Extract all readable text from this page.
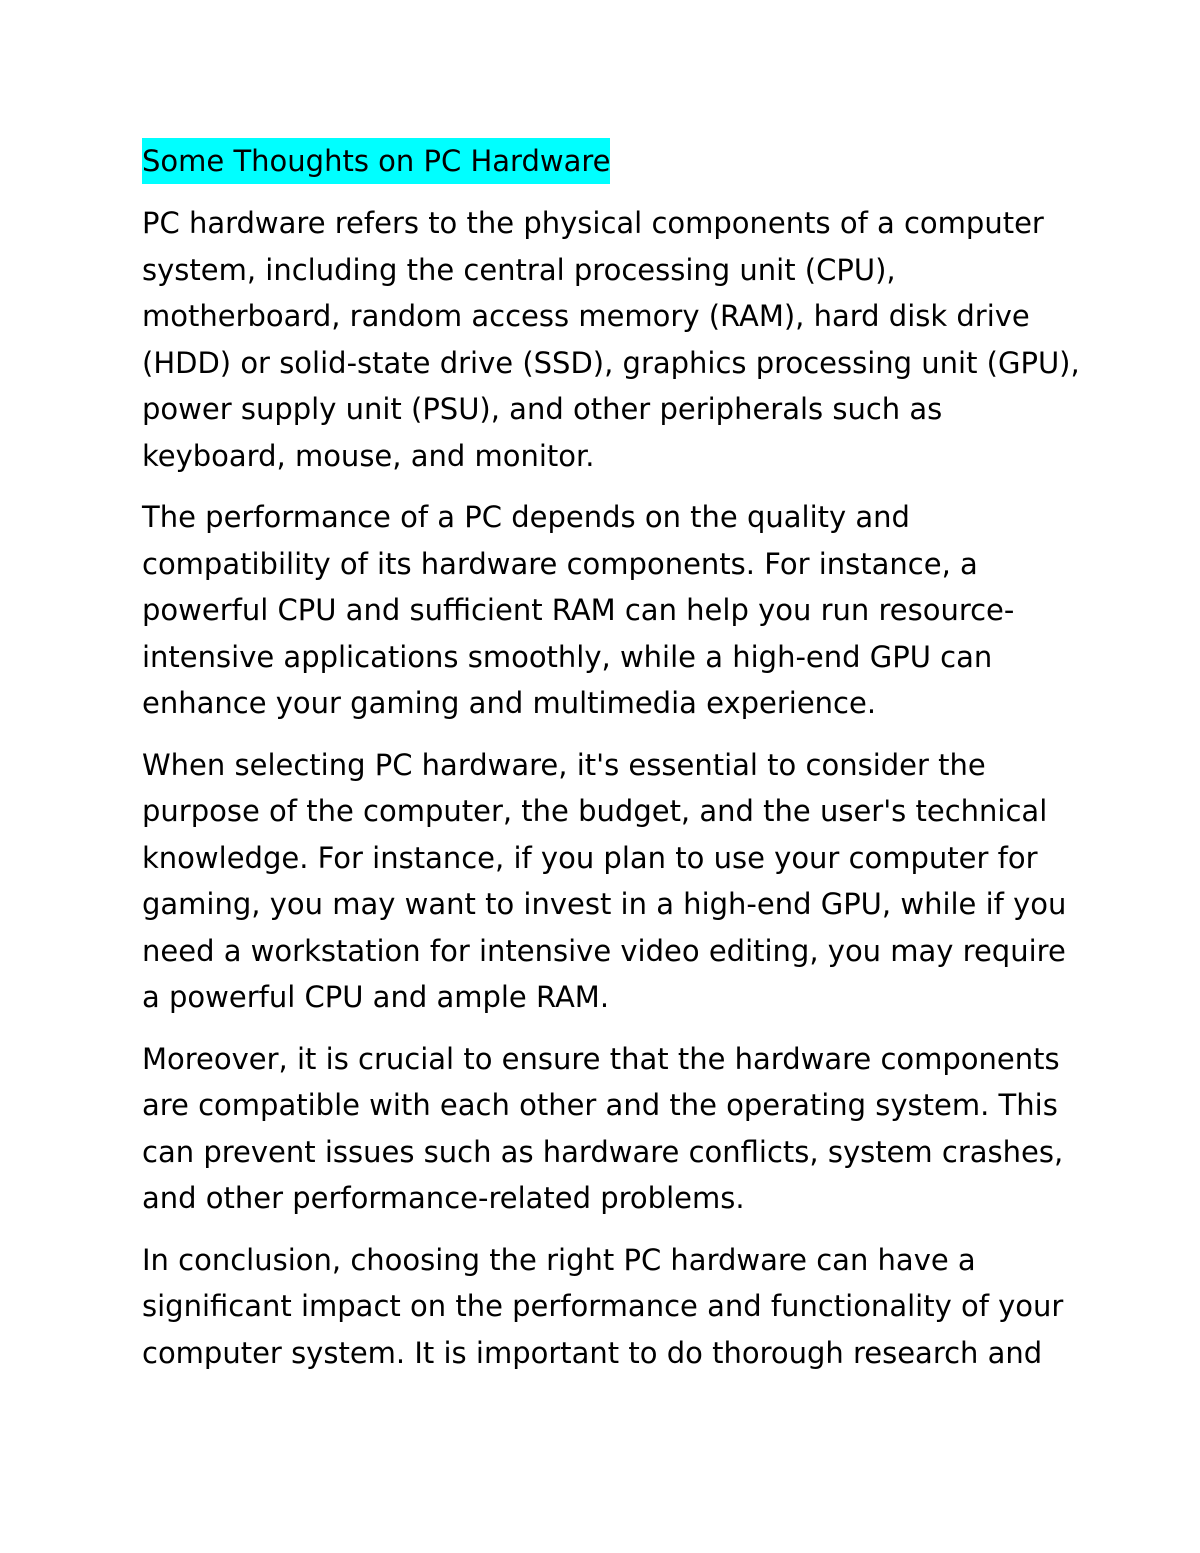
Some Thoughts on PC Hardware

PC hardware refers to the physical components of a computer
system, including the central processing unit (CPU),
motherboard, random access memory (RAM), hard disk drive
(HDD) or solid-state drive (SSD), graphics processing unit (GPU),
power supply unit (PSU), and other peripherals such as
keyboard, mouse, and monitor.

The performance of a PC depends on the quality and
compatibility of its hardware components. For instance, a
powerful CPU and sufficient RAM can help you run resource-
intensive applications smoothly, while a high-end GPU can
enhance your gaming and multimedia experience.

When selecting PC hardware, it's essential to consider the
purpose of the computer, the budget, and the user's technical
knowledge. For instance, if you plan to use your computer for
gaming, you may want to invest in a high-end GPU, while if you
need a workstation for intensive video editing, you may require
a powerful CPU and ample RAM.

Moreover, it is crucial to ensure that the hardware components
are compatible with each other and the operating system. This
can prevent issues such as hardware conflicts, system crashes,
and other performance-related problems.

In conclusion, choosing the right PC hardware can have a
significant impact on the performance and functionality of your
computer system. It is important to do thorough research and
